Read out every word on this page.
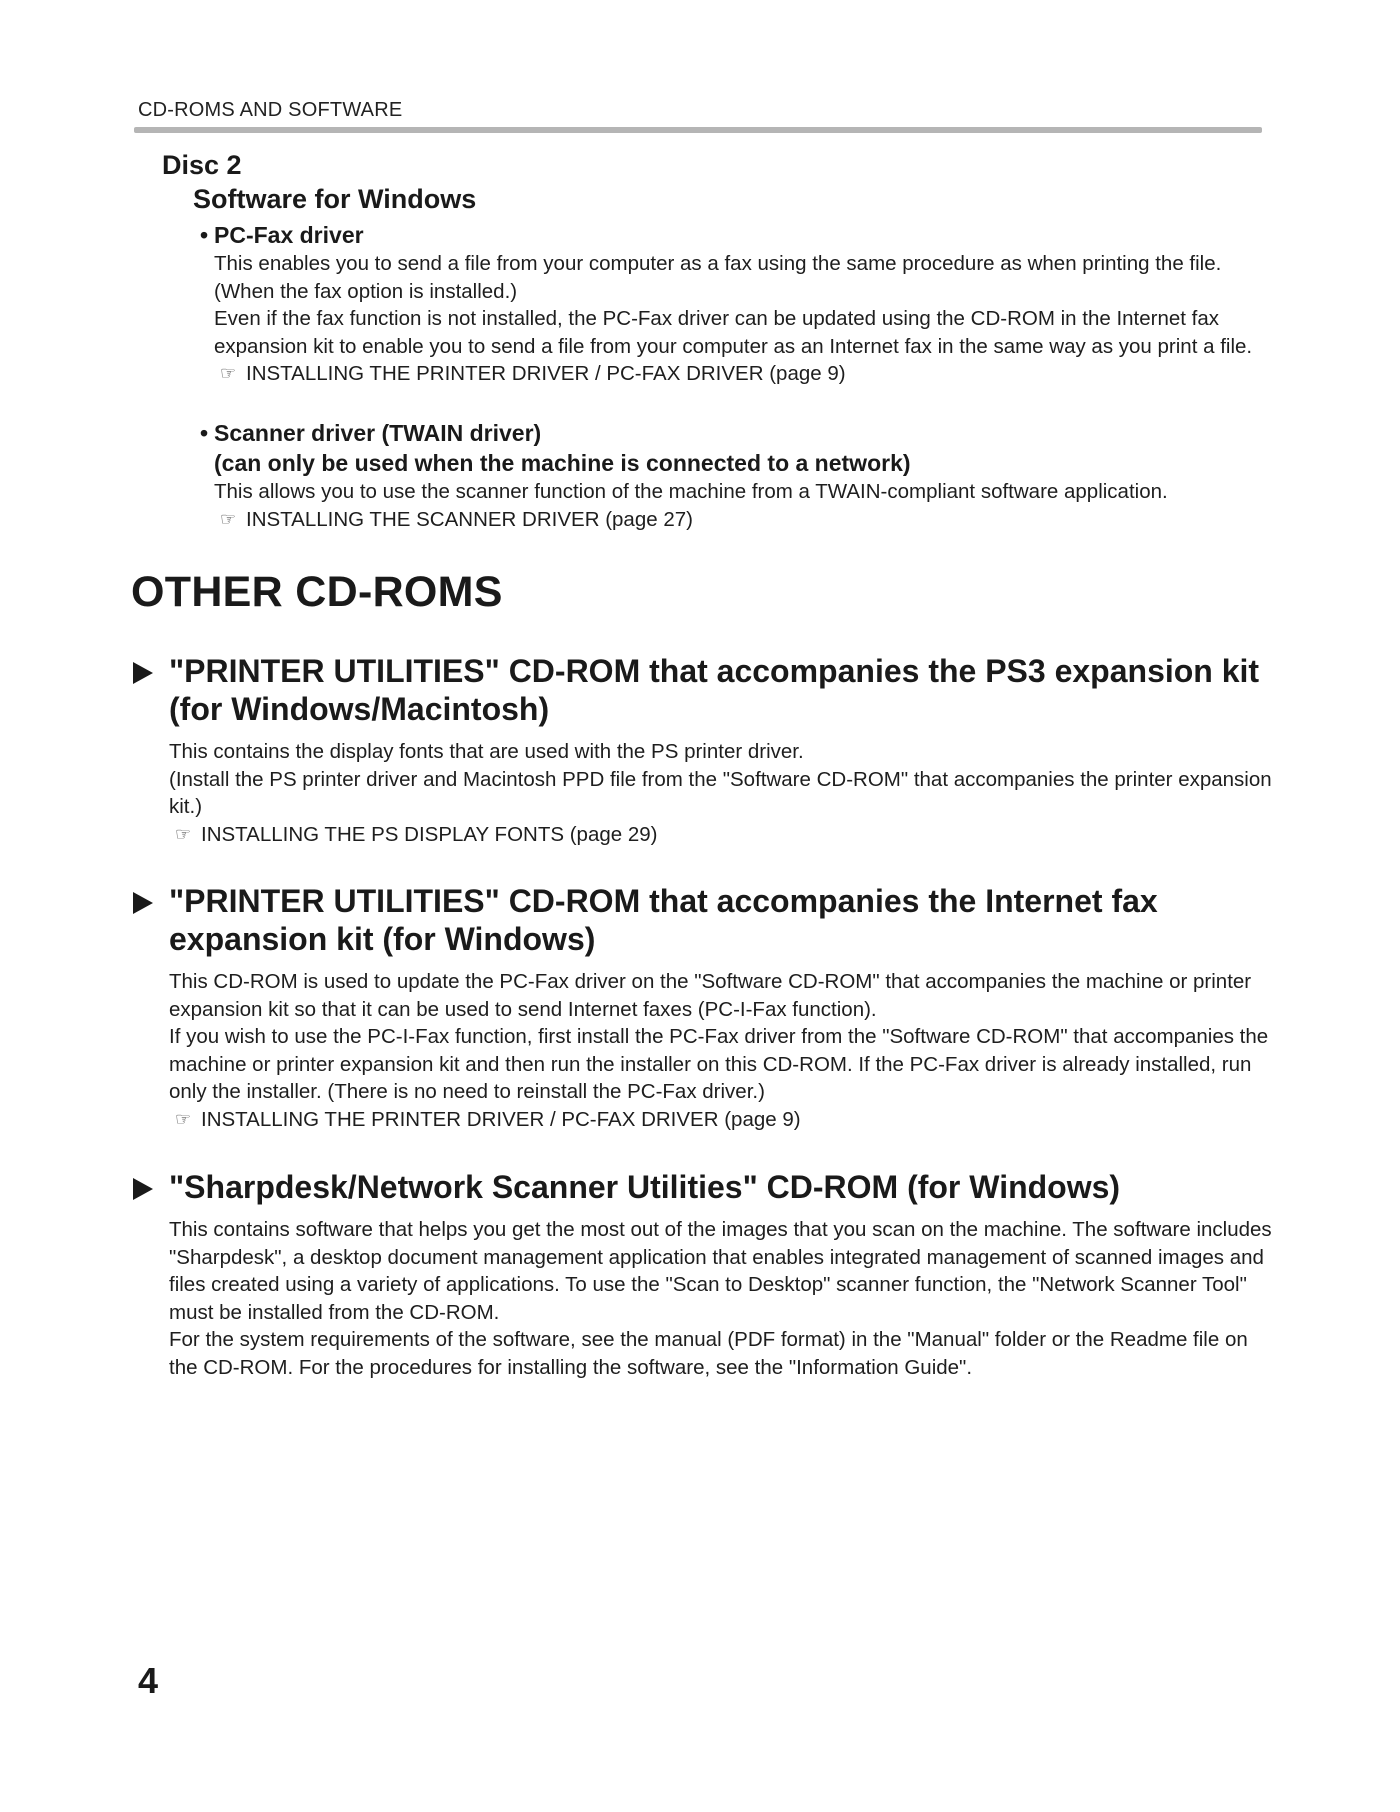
CD-ROMS AND SOFTWARE
Disc 2
Software for Windows
• PC-Fax driver
This enables you to send a file from your computer as a fax using the same procedure as when printing the file.
(When the fax option is installed.)
Even if the fax function is not installed, the PC-Fax driver can be updated using the CD-ROM in the Internet fax expansion kit to enable you to send a file from your computer as an Internet fax in the same way as you print a file.
☞ INSTALLING THE PRINTER DRIVER / PC-FAX DRIVER (page 9)
• Scanner driver (TWAIN driver)
(can only be used when the machine is connected to a network)
This allows you to use the scanner function of the machine from a TWAIN-compliant software application.
☞ INSTALLING THE SCANNER DRIVER (page 27)
OTHER CD-ROMS
"PRINTER UTILITIES" CD-ROM that accompanies the PS3 expansion kit (for Windows/Macintosh)
This contains the display fonts that are used with the PS printer driver.
(Install the PS printer driver and Macintosh PPD file from the "Software CD-ROM" that accompanies the printer expansion kit.)
☞ INSTALLING THE PS DISPLAY FONTS (page 29)
"PRINTER UTILITIES" CD-ROM that accompanies the Internet fax expansion kit (for Windows)
This CD-ROM is used to update the PC-Fax driver on the "Software CD-ROM" that accompanies the machine or printer expansion kit so that it can be used to send Internet faxes (PC-I-Fax function).
If you wish to use the PC-I-Fax function, first install the PC-Fax driver from the "Software CD-ROM" that accompanies the machine or printer expansion kit and then run the installer on this CD-ROM. If the PC-Fax driver is already installed, run only the installer. (There is no need to reinstall the PC-Fax driver.)
☞ INSTALLING THE PRINTER DRIVER / PC-FAX DRIVER (page 9)
"Sharpdesk/Network Scanner Utilities" CD-ROM (for Windows)
This contains software that helps you get the most out of the images that you scan on the machine. The software includes "Sharpdesk", a desktop document management application that enables integrated management of scanned images and files created using a variety of applications. To use the "Scan to Desktop" scanner function, the "Network Scanner Tool" must be installed from the CD-ROM.
For the system requirements of the software, see the manual (PDF format) in the "Manual" folder or the Readme file on the CD-ROM. For the procedures for installing the software, see the "Information Guide".
4
